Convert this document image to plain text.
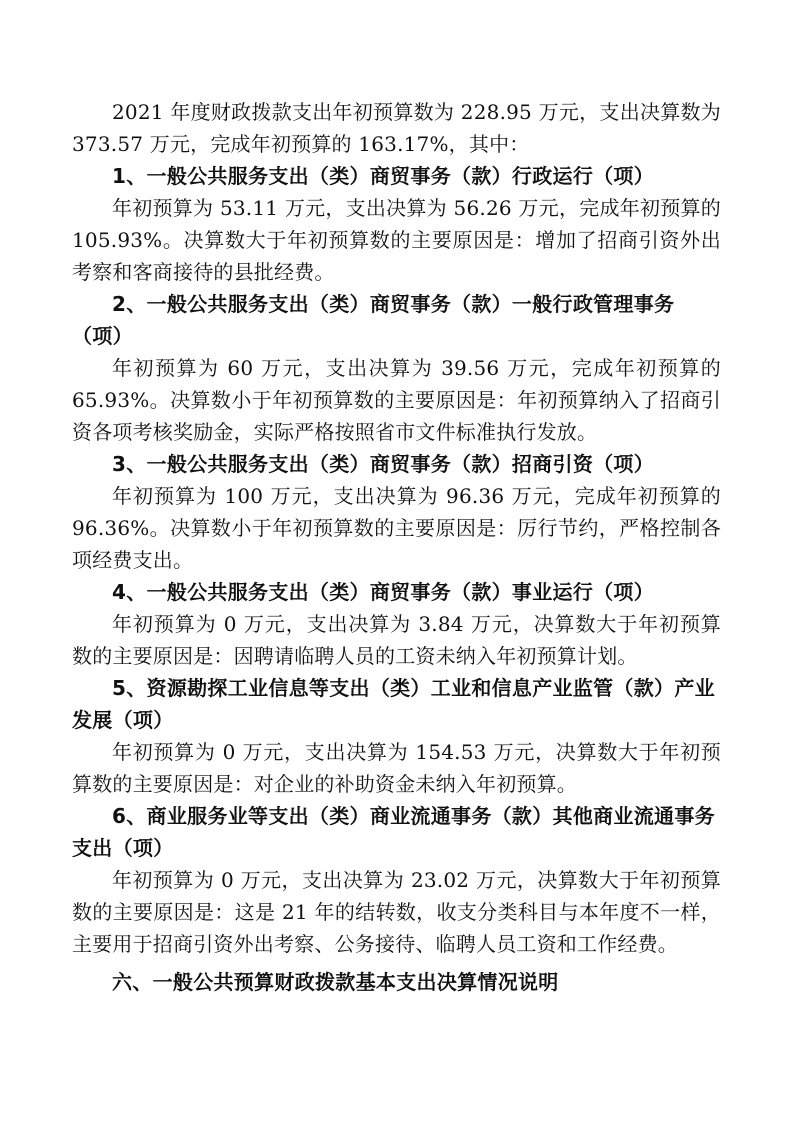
2021 年度财政拨款支出年初预算数为 228.95 万元，支出决算数为 373.57 万元，完成年初预算的 163.17%，其中：

1、一般公共服务支出（类）商贸事务（款）行政运行（项）

年初预算为 53.11 万元，支出决算为 56.26 万元，完成年初预算的 105.93%。决算数大于年初预算数的主要原因是：增加了招商引资外出考察和客商接待的县批经费。

2、一般公共服务支出（类）商贸事务（款）一般行政管理事务（项）

年初预算为 60 万元，支出决算为 39.56 万元，完成年初预算的 65.93%。决算数小于年初预算数的主要原因是：年初预算纳入了招商引资各项考核奖励金，实际严格按照省市文件标准执行发放。

3、一般公共服务支出（类）商贸事务（款）招商引资（项）

年初预算为 100 万元，支出决算为 96.36 万元，完成年初预算的 96.36%。决算数小于年初预算数的主要原因是：厉行节约，严格控制各项经费支出。

4、一般公共服务支出（类）商贸事务（款）事业运行（项）

年初预算为 0 万元，支出决算为 3.84 万元，决算数大于年初预算数的主要原因是：因聘请临聘人员的工资未纳入年初预算计划。

5、资源勘探工业信息等支出（类）工业和信息产业监管（款）产业发展（项）

年初预算为 0 万元，支出决算为 154.53 万元，决算数大于年初预算数的主要原因是：对企业的补助资金未纳入年初预算。

6、商业服务业等支出（类）商业流通事务（款）其他商业流通事务支出（项）

年初预算为 0 万元，支出决算为 23.02 万元，决算数大于年初预算数的主要原因是：这是 21 年的结转数，收支分类科目与本年度不一样，主要用于招商引资外出考察、公务接待、临聘人员工资和工作经费。

六、一般公共预算财政拨款基本支出决算情况说明
